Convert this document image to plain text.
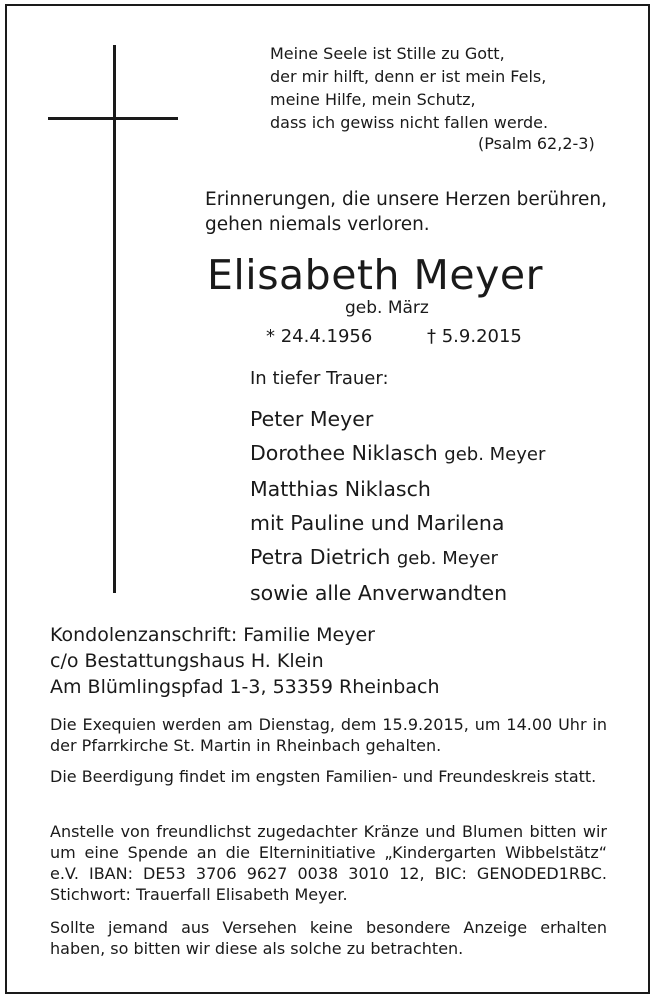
Meine Seele ist Stille zu Gott,
der mir hilft, denn er ist mein Fels,
meine Hilfe, mein Schutz,
dass ich gewiss nicht fallen werde.
(Psalm 62,2-3)
Erinnerungen, die unsere Herzen berühren, gehen niemals verloren.
Elisabeth Meyer
geb. März
* 24.4.1956	† 5.9.2015
In tiefer Trauer:
Peter Meyer
Dorothee Niklasch geb. Meyer
Matthias Niklasch
mit Pauline und Marilena
Petra Dietrich geb. Meyer
sowie alle Anverwandten
Kondolenzanschrift: Familie Meyer
c/o Bestattungshaus H. Klein
Am Blümlingspfad 1-3, 53359 Rheinbach
Die Exequien werden am Dienstag, dem 15.9.2015, um 14.00 Uhr in der Pfarrkirche St. Martin in Rheinbach gehalten.
Die Beerdigung findet im engsten Familien- und Freundeskreis statt.
Anstelle von freundlichst zugedachter Kränze und Blumen bitten wir um eine Spende an die Elterninitiative „Kindergarten Wibbelstätz“ e.V. IBAN: DE53 3706 9627 0038 3010 12, BIC: GENODED1RBC. Stichwort: Trauerfall Elisabeth Meyer.
Sollte jemand aus Versehen keine besondere Anzeige erhalten haben, so bitten wir diese als solche zu betrachten.
